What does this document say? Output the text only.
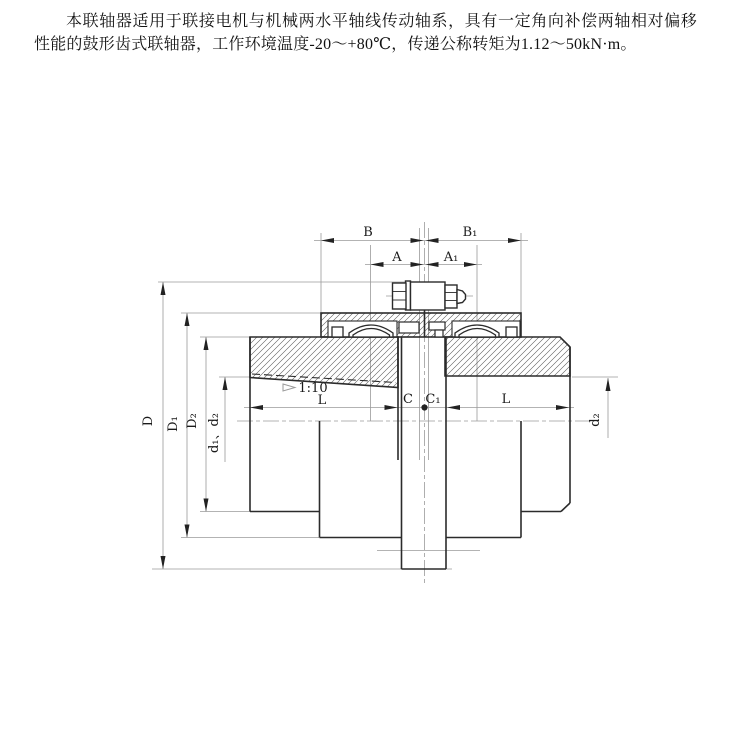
本联轴器适用于联接电机与机械两水平轴线传动轴系，具有一定角向补偿两轴相对偏移性能的鼓形齿式联轴器，工作环境温度-20～+80℃，传递公称转矩为1.12～50kN·m。
B	B₁
A	A₁
D D₁ D₂ d₁、d₂	d₂
C C₁
L	L
1:10
